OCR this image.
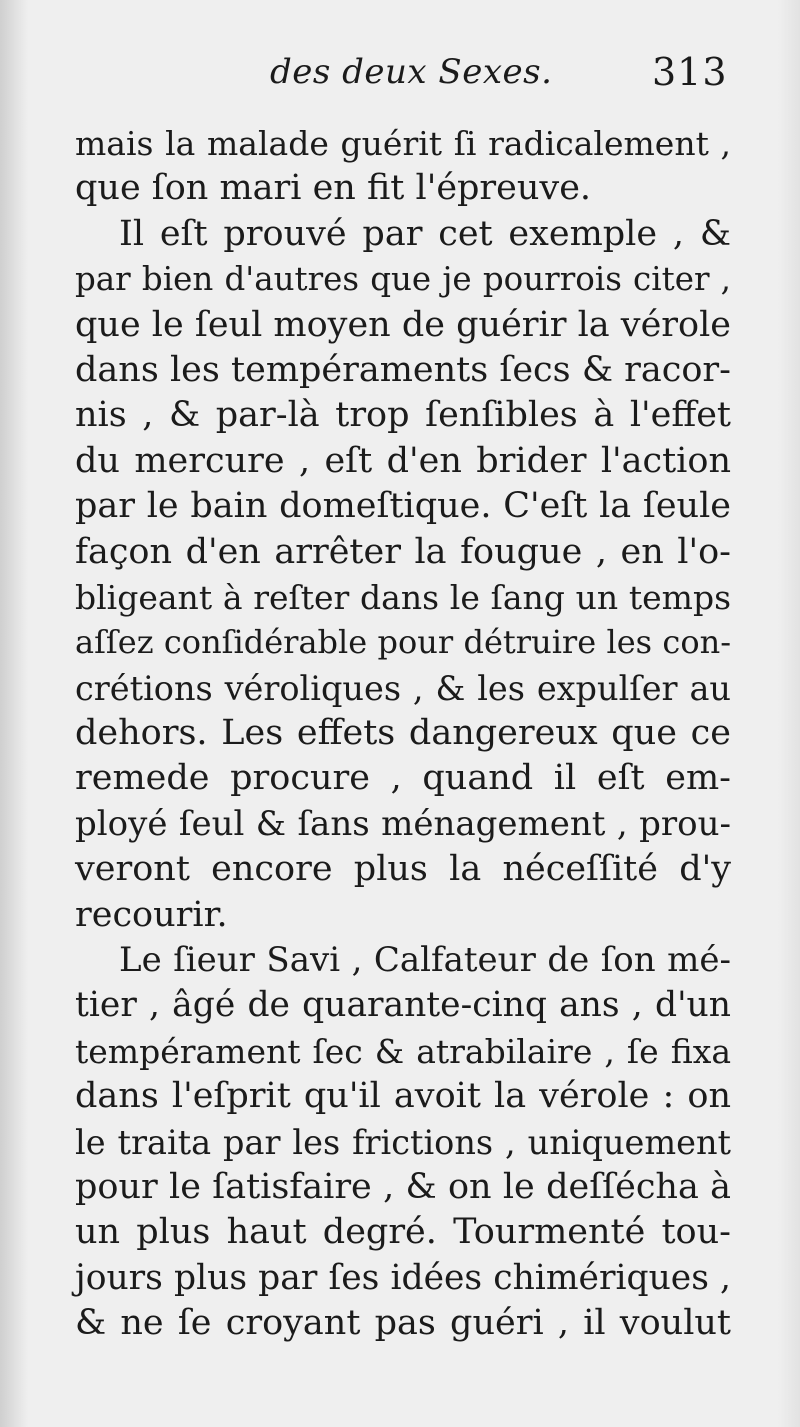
des deux Sexes.	313
mais la malade guérit ſi radicalement ,
que ſon mari en fit l'épreuve.
Il eſt prouvé par cet exemple , &
par bien d'autres que je pourrois citer ,
que le ſeul moyen de guérir la vérole
dans les tempéraments ſecs & racor-
nis , & par-là trop ſenſibles à l'effet
du mercure , eſt d'en brider l'action
par le bain domeſtique. C'eſt la ſeule
façon d'en arrêter la fougue , en l'o-
bligeant à reſter dans le ſang un temps
aſſez conſidérable pour détruire les con-
crétions véroliques , & les expulſer au
dehors. Les effets dangereux que ce
remede procure , quand il eſt em-
ployé ſeul & ſans ménagement , prou-
veront encore plus la néceſſité d'y
recourir.
Le ſieur Savi , Calfateur de ſon mé-
tier , âgé de quarante-cinq ans , d'un
tempérament ſec & atrabilaire , ſe fixa
dans l'eſprit qu'il avoit la vérole : on
le traita par les frictions , uniquement
pour le ſatisfaire , & on le deſſécha à
un plus haut degré. Tourmenté tou-
jours plus par ſes idées chimériques ,
& ne ſe croyant pas guéri , il voulut
